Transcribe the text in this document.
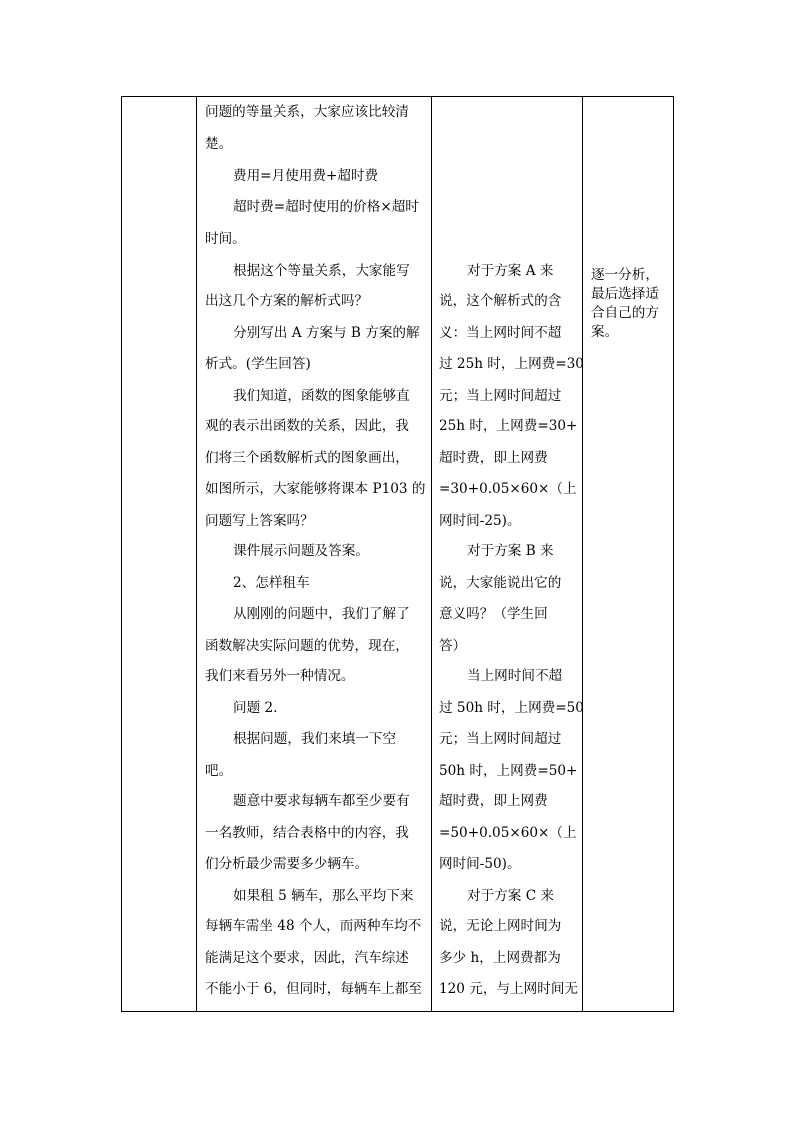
问题的等量关系，大家应该比较清
楚。
费用=月使用费+超时费
超时费=超时使用的价格×超时
时间。
根据这个等量关系，大家能写
出这几个方案的解析式吗？
分别写出 A 方案与 B 方案的解
析式。(学生回答)
我们知道，函数的图象能够直
观的表示出函数的关系，因此，我
们将三个函数解析式的图象画出，
如图所示，大家能够将课本 P103 的
问题写上答案吗？
课件展示问题及答案。
2、怎样租车
从刚刚的问题中，我们了解了
函数解决实际问题的优势，现在，
我们来看另外一种情况。
问题 2.
根据问题，我们来填一下空
吧。
题意中要求每辆车都至少要有
一名教师，结合表格中的内容，我
们分析最少需要多少辆车。
如果租 5 辆车，那么平均下来
每辆车需坐 48 个人，而两种车均不
能满足这个要求，因此，汽车综述
不能小于 6，但同时，每辆车上都至
对于方案 A 来
说，这个解析式的含
义：当上网时间不超
过 25h 时，上网费=30
元；当上网时间超过
25h 时，上网费=30+
超时费，即上网费
=30+0.05×60×（上
网时间-25)。
对于方案 B 来
说，大家能说出它的
意义吗？（学生回
答）
当上网时间不超
过 50h 时，上网费=50
元；当上网时间超过
50h 时，上网费=50+
超时费，即上网费
=50+0.05×60×（上
网时间-50)。
对于方案 C 来
说，无论上网时间为
多少 h，上网费都为
120 元，与上网时间无
逐一分析，
最后选择适
合自己的方
案。
